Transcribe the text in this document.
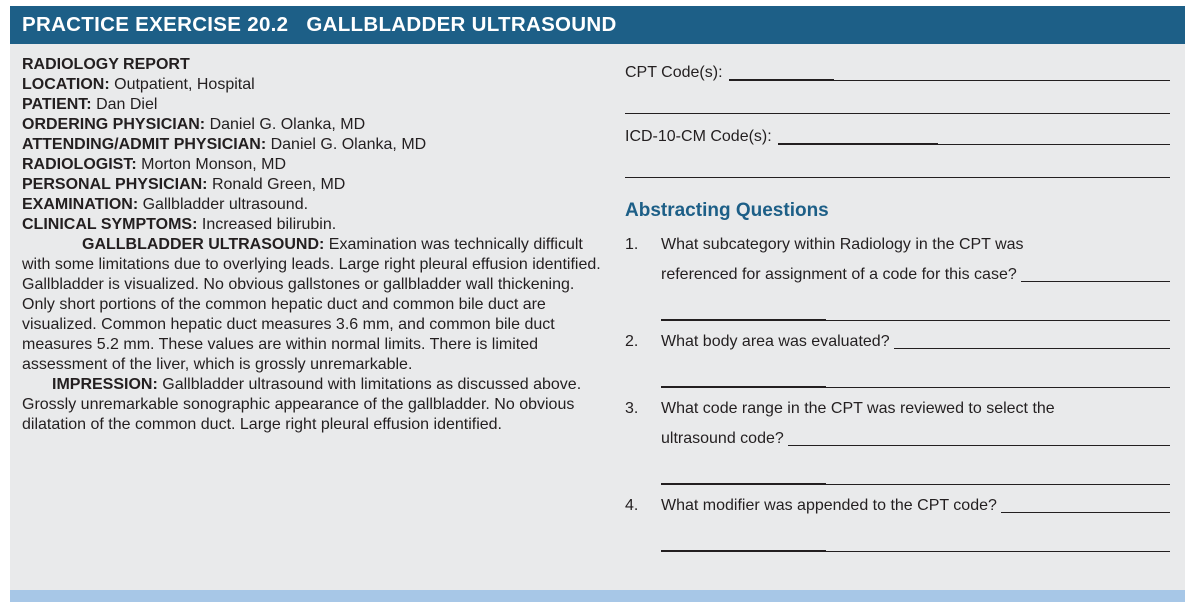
PRACTICE EXERCISE 20.2 GALLBLADDER ULTRASOUND
RADIOLOGY REPORT
LOCATION: Outpatient, Hospital
PATIENT: Dan Diel
ORDERING PHYSICIAN: Daniel G. Olanka, MD
ATTENDING/ADMIT PHYSICIAN: Daniel G. Olanka, MD
RADIOLOGIST: Morton Monson, MD
PERSONAL PHYSICIAN: Ronald Green, MD
EXAMINATION: Gallbladder ultrasound.
CLINICAL SYMPTOMS: Increased bilirubin.
GALLBLADDER ULTRASOUND: Examination was technically difficult with some limitations due to overlying leads. Large right pleural effusion identified. Gallbladder is visualized. No obvious gallstones or gallbladder wall thickening. Only short portions of the common hepatic duct and common bile duct are visualized. Common hepatic duct measures 3.6 mm, and common bile duct measures 5.2 mm. These values are within normal limits. There is limited assessment of the liver, which is grossly unremarkable.
IMPRESSION: Gallbladder ultrasound with limitations as discussed above. Grossly unremarkable sonographic appearance of the gallbladder. No obvious dilatation of the common duct. Large right pleural effusion identified.
CPT Code(s):
ICD-10-CM Code(s):
Abstracting Questions
1. What subcategory within Radiology in the CPT was
referenced for assignment of a code for this case?
2. What body area was evaluated?
3. What code range in the CPT was reviewed to select the
ultrasound code?
4. What modifier was appended to the CPT code?
